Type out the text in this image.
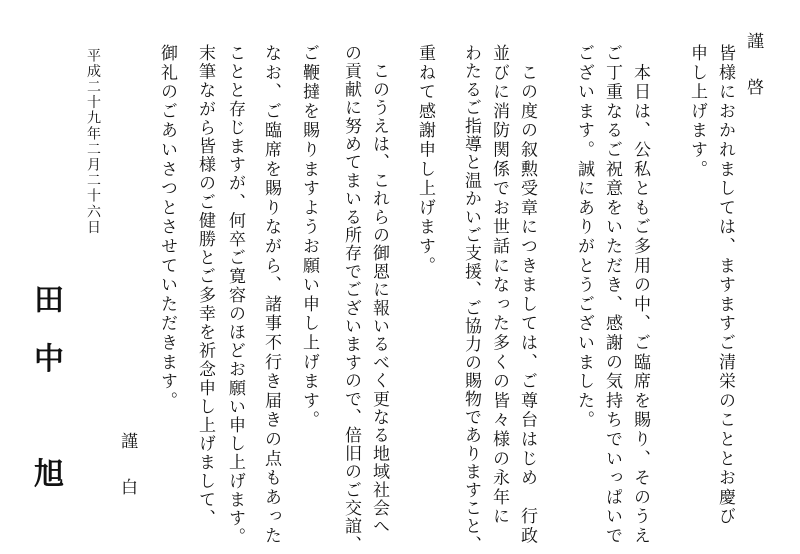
謹　啓
皆様におかれましては、ますますご清栄のこととお慶び
申し上げます。
　本日は、公私ともご多用の中、ご臨席を賜り、そのうえ
ご丁重なるご祝意をいただき、感謝の気持ちでいっぱいで
ございます。誠にありがとうございました。
　この度の叙勲受章につきましては、ご尊台はじめ　行政
並びに消防関係でお世話になった多くの皆々様の永年に
わたるご指導と温かいご支援、ご協力の賜物でありますこと、
重ねて感謝申し上げます。
　このうえは、これらの御恩に報いるべく更なる地域社会へ
の貢献に努めてまいる所存でございますので、倍旧のご交誼、
ご鞭撻を賜りますようお願い申し上げます。
なお、ご臨席を賜りながら、諸事不行き届きの点もあった
ことと存じますが、何卒ご寛容のほどお願い申し上げます。
末筆ながら皆様のご健勝とご多幸を祈念申し上げまして、
御礼のごあいさつとさせていただきます。
平成二十九年二月二十六日
謹　白
田
中
旭
